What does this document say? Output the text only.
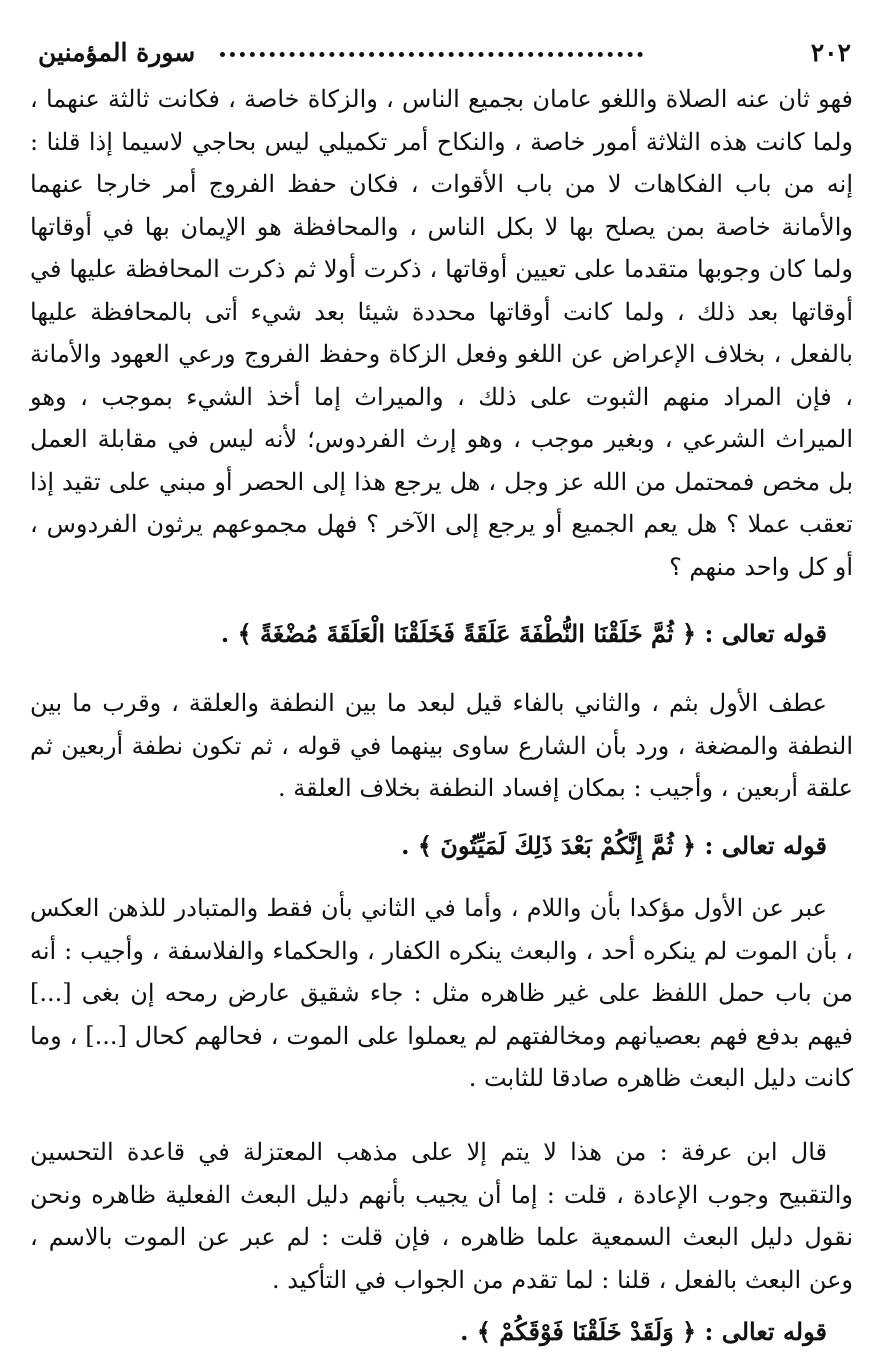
٢٠٢
سورة المؤمنين

فهو ثان عنه الصلاة واللغو عامان بجميع الناس ، والزكاة خاصة ، فكانت ثالثة عنهما ، ولما كانت هذه الثلاثة أمور خاصة ، والنكاح أمر تكميلي ليس بحاجي لاسيما إذا قلنا : إنه من باب الفكاهات لا من باب الأقوات ، فكان حفظ الفروج أمر خارجا عنهما والأمانة خاصة بمن يصلح بها لا بكل الناس ، والمحافظة هو الإيمان بها في أوقاتها ولما كان وجوبها متقدما على تعيين أوقاتها ، ذكرت أولا ثم ذكرت المحافظة عليها في أوقاتها بعد ذلك ، ولما كانت أوقاتها محددة شيئا بعد شيء أتى بالمحافظة عليها بالفعل ، بخلاف الإعراض عن اللغو وفعل الزكاة وحفظ الفروج ورعي العهود والأمانة ، فإن المراد منهم الثبوت على ذلك ، والميراث إما أخذ الشيء بموجب ، وهو الميراث الشرعي ، وبغير موجب ، وهو إرث الفردوس؛ لأنه ليس في مقابلة العمل بل مخص فمحتمل من الله عز وجل ، هل يرجع هذا إلى الحصر أو مبني على تقيد إذا تعقب عملا ؟ هل يعم الجميع أو يرجع إلى الآخر ؟ فهل مجموعهم يرثون الفردوس ، أو كل واحد منهم ؟

قوله تعالى : ﴿ ثُمَّ خَلَقْنَا النُّطْفَةَ عَلَقَةً فَخَلَقْنَا الْعَلَقَةَ مُضْغَةً ﴾ .

عطف الأول بثم ، والثاني بالفاء قيل لبعد ما بين النطفة والعلقة ، وقرب ما بين النطفة والمضغة ، ورد بأن الشارع ساوى بينهما في قوله ، ثم تكون نطفة أربعين ثم علقة أربعين ، وأجيب : بمكان إفساد النطفة بخلاف العلقة .

قوله تعالى : ﴿ ثُمَّ إِنَّكُمْ بَعْدَ ذَلِكَ لَمَيِّتُونَ ﴾ .

عبر عن الأول مؤكدا بأن واللام ، وأما في الثاني بأن فقط والمتبادر للذهن العكس ، بأن الموت لم ينكره أحد ، والبعث ينكره الكفار ، والحكماء والفلاسفة ، وأجيب : أنه من باب حمل اللفظ على غير ظاهره مثل : جاء شقيق عارض رمحه إن بغى [...] فيهم بدفع فهم بعصيانهم ومخالفتهم لم يعملوا على الموت ، فحالهم كحال [...] ، وما كانت دليل البعث ظاهره صادقا للثابت .

قال ابن عرفة : من هذا لا يتم إلا على مذهب المعتزلة في قاعدة التحسين والتقبيح وجوب الإعادة ، قلت : إما أن يجيب بأنهم دليل البعث الفعلية ظاهره ونحن نقول دليل البعث السمعية علما ظاهره ، فإن قلت : لم عبر عن الموت بالاسم ، وعن البعث بالفعل ، قلنا : لما تقدم من الجواب في التأكيد .

قوله تعالى : ﴿ وَلَقَدْ خَلَقْنَا فَوْقَكُمْ ﴾ .
